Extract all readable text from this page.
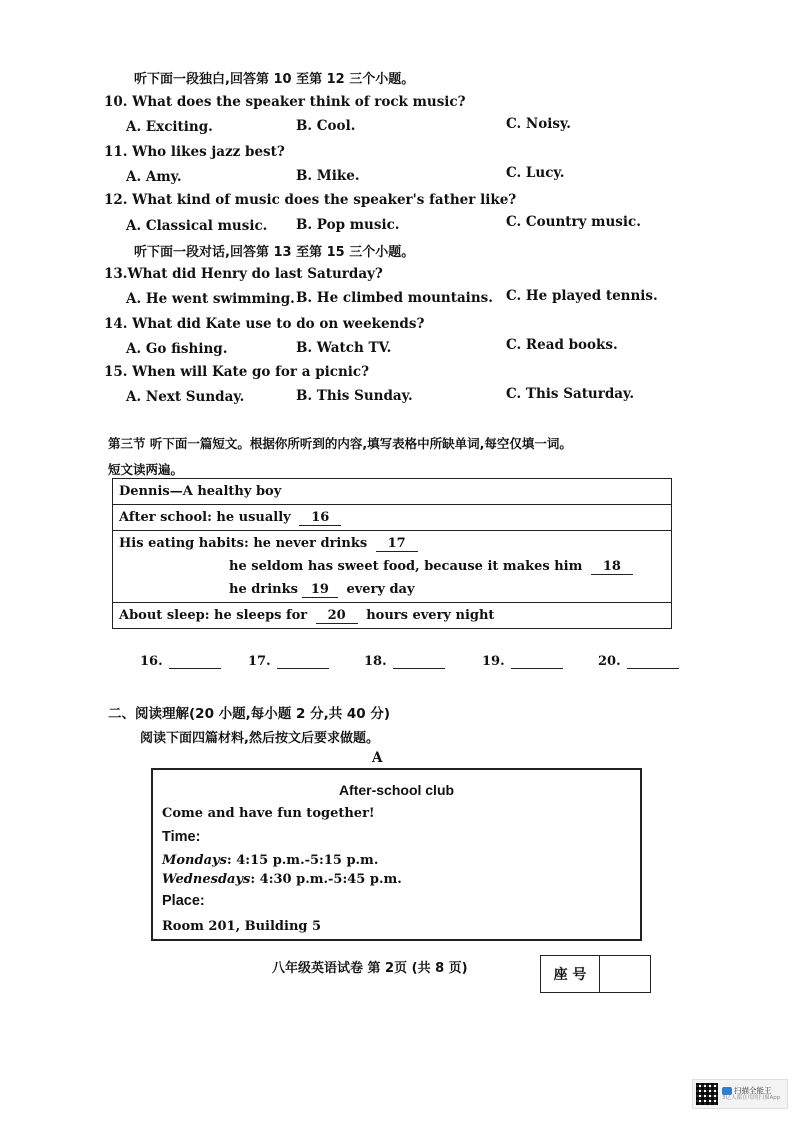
听下面一段独白,回答第 10 至第 12 三个小题。
10. What does the speaker think of rock music?
A. Exciting.	B. Cool.	C. Noisy.
11. Who likes jazz best?
A. Amy.	B. Mike.	C. Lucy.
12. What kind of music does the speaker's father like?
A. Classical music. B. Pop music.	C. Country music.
听下面一段对话,回答第 13 至第 15 三个小题。
13.What did Henry do last Saturday?
A. He went swimming. B. He climbed mountains. C. He played tennis.
14. What did Kate use to do on weekends?
A. Go fishing.	B. Watch TV.	C. Read books.
15. When will Kate go for a picnic?
A. Next Sunday.	B. This Sunday.	C. This Saturday.
第三节 听下面一篇短文。根据你所听到的内容,填写表格中所缺单词,每空仅填一词。
短文读两遍。
Dennis—A healthy boy
After school: he usually 16
His eating habits: he never drinks 17
he seldom has sweet food, because it makes him 18
he drinks 19 every day
About sleep: he sleeps for 20 hours every night
16.	17.	18.	19.	20.
二、阅读理解(20 小题,每小题 2 分,共 40 分)
阅读下面四篇材料,然后按文后要求做题。
A
After-school club
Come and have fun together!
Time:
Mondays: 4:15 p.m.-5:15 p.m.
Wednesdays: 4:30 p.m.-5:45 p.m.
Place:
Room 201, Building 5
八年级英语试卷 第 2页 (共 8 页)	座 号
扫描全能王
3亿人都在用的扫描App
